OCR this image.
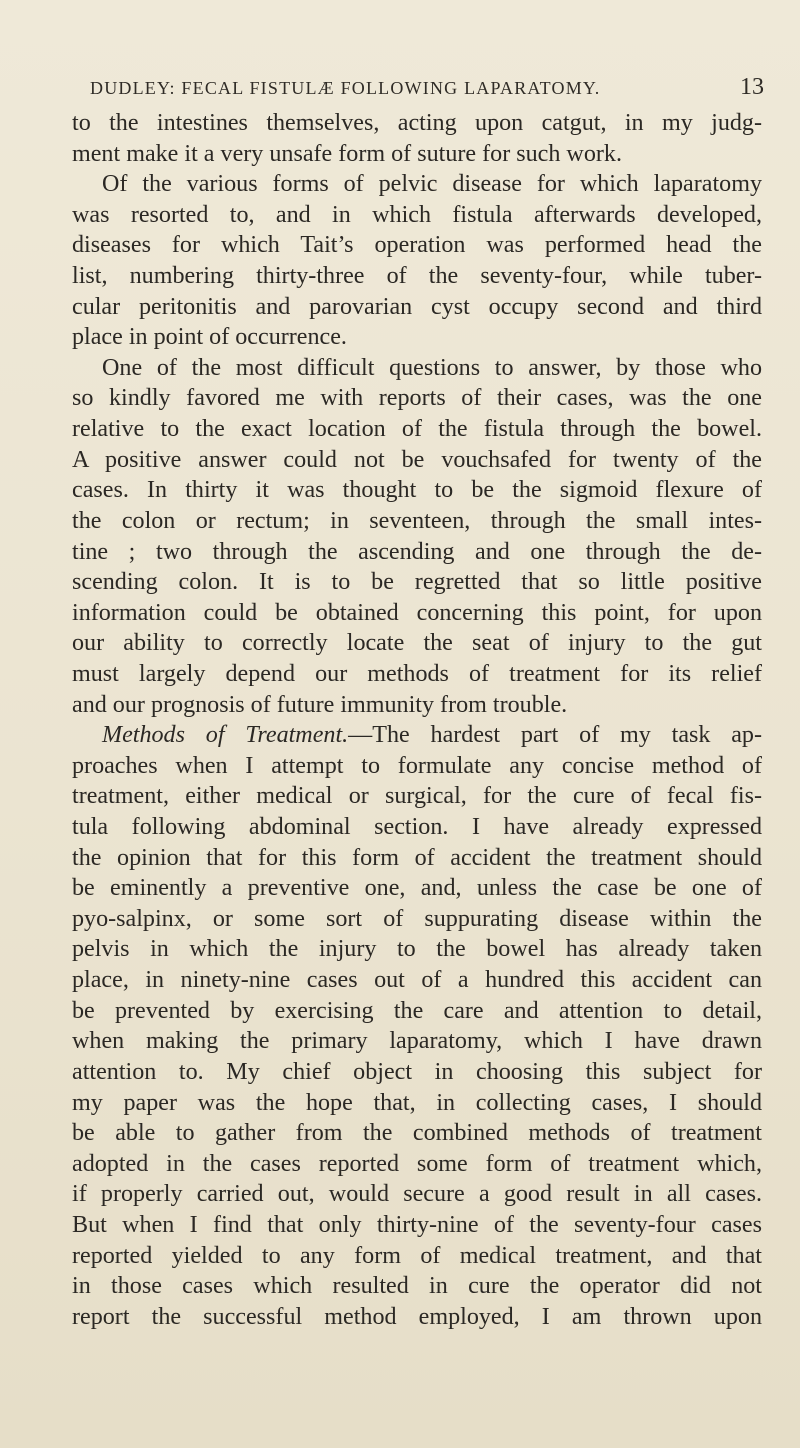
DUDLEY: FECAL FISTULÆ FOLLOWING LAPARATOMY.	13
to the intestines themselves, acting upon catgut, in my judg-
ment make it a very unsafe form of suture for such work.
Of the various forms of pelvic disease for which laparatomy
was resorted to, and in which fistula afterwards developed,
diseases for which Tait’s operation was performed head the
list, numbering thirty-three of the seventy-four, while tuber-
cular peritonitis and parovarian cyst occupy second and third
place in point of occurrence.
One of the most difficult questions to answer, by those who
so kindly favored me with reports of their cases, was the one
relative to the exact location of the fistula through the bowel.
A positive answer could not be vouchsafed for twenty of the
cases. In thirty it was thought to be the sigmoid flexure of
the colon or rectum; in seventeen, through the small intes-
tine ; two through the ascending and one through the de-
scending colon. It is to be regretted that so little positive
information could be obtained concerning this point, for upon
our ability to correctly locate the seat of injury to the gut
must largely depend our methods of treatment for its relief
and our prognosis of future immunity from trouble.
Methods of Treatment.—The hardest part of my task ap-
proaches when I attempt to formulate any concise method of
treatment, either medical or surgical, for the cure of fecal fis-
tula following abdominal section. I have already expressed
the opinion that for this form of accident the treatment should
be eminently a preventive one, and, unless the case be one of
pyo-salpinx, or some sort of suppurating disease within the
pelvis in which the injury to the bowel has already taken
place, in ninety-nine cases out of a hundred this accident can
be prevented by exercising the care and attention to detail,
when making the primary laparatomy, which I have drawn
attention to. My chief object in choosing this subject for
my paper was the hope that, in collecting cases, I should
be able to gather from the combined methods of treatment
adopted in the cases reported some form of treatment which,
if properly carried out, would secure a good result in all cases.
But when I find that only thirty-nine of the seventy-four cases
reported yielded to any form of medical treatment, and that
in those cases which resulted in cure the operator did not
report the successful method employed, I am thrown upon
